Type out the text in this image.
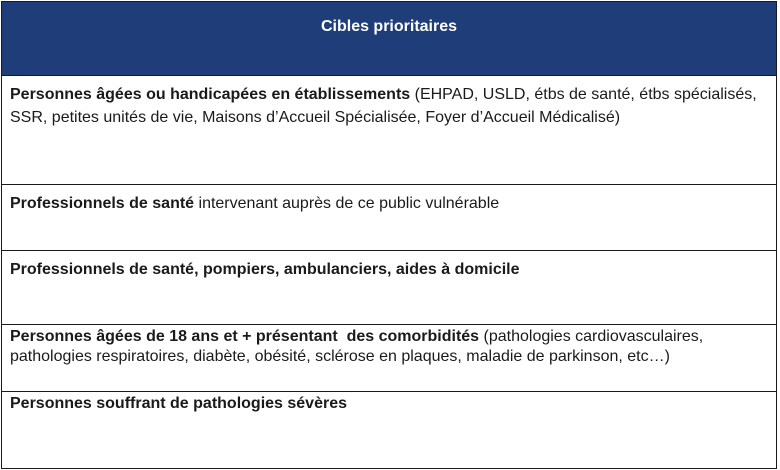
Cibles prioritaires
Personnes âgées ou handicapées en établissements (EHPAD, USLD, étbs de santé, étbs spécialisés, SSR, petites unités de vie, Maisons d’Accueil Spécialisée, Foyer d’Accueil Médicalisé)
Professionnels de santé intervenant auprès de ce public vulnérable
Professionnels de santé, pompiers, ambulanciers, aides à domicile
Personnes âgées de 18 ans et + présentant  des comorbidités (pathologies cardiovasculaires, pathologies respiratoires, diabète, obésité, sclérose en plaques, maladie de parkinson, etc…)
Personnes souffrant de pathologies sévères
